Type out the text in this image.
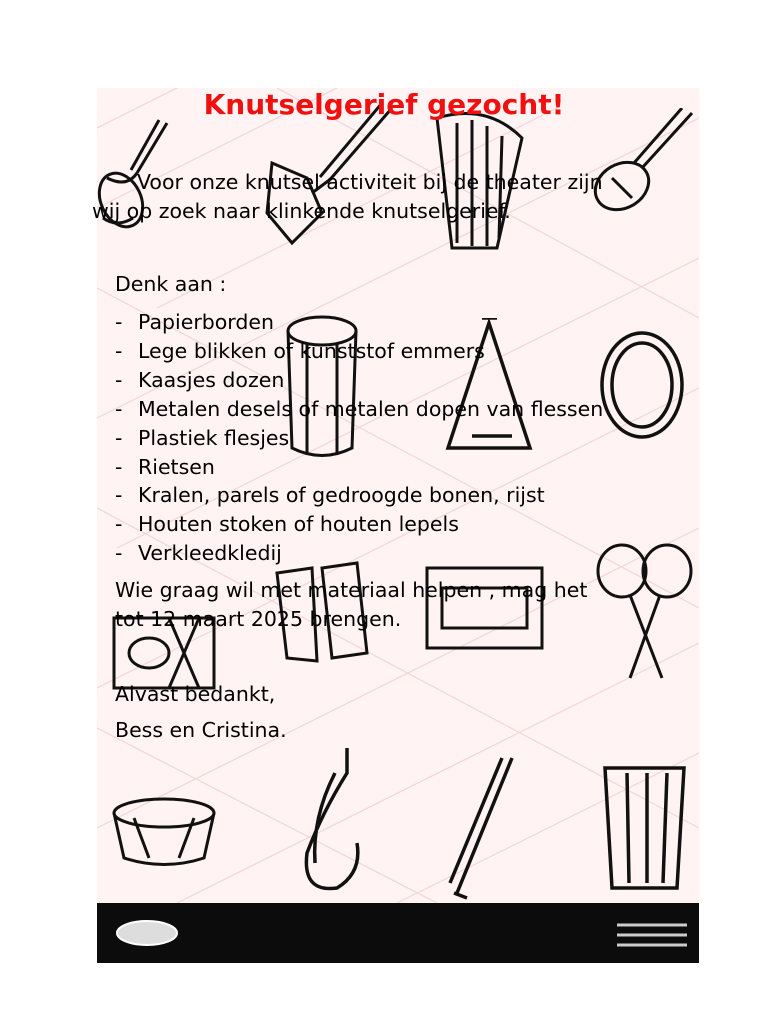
Knutselgerief gezocht!
Voor onze knutsel activiteit bij de theater zijn
wij op zoek naar klinkende knutselgerief.
Denk aan :
- Papierborden
- Lege blikken of kunststof emmers
- Kaasjes dozen
- Metalen desels of metalen dopen van flessen
- Plastiek flesjes
- Rietsen
- Kralen, parels of gedroogde bonen, rijst
- Houten stoken of houten lepels
- Verkleedkledij
Wie graag wil met materiaal helpen , mag het
tot 12 maart 2025 brengen.
Alvast bedankt,
Bess en Cristina.
